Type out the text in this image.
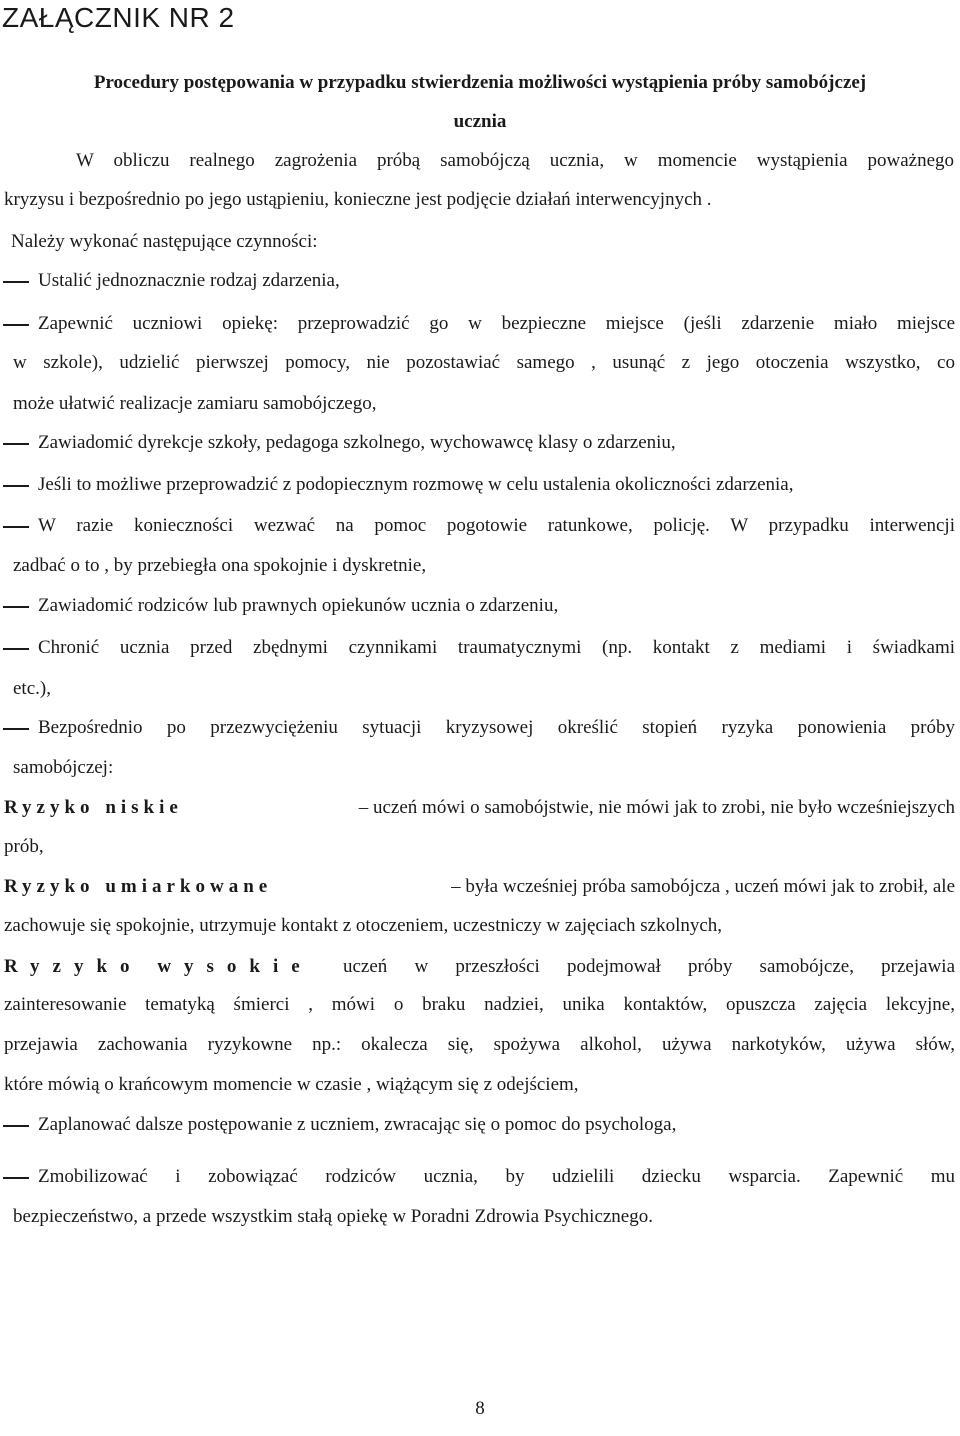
ZAŁĄCZNIK NR 2

Procedury postępowania w przypadku stwierdzenia możliwości wystąpienia próby samobójczej

ucznia

W obliczu realnego zagrożenia próbą samobójczą ucznia, w momencie wystąpienia poważnego

kryzysu i bezpośrednio po jego ustąpieniu, konieczne jest podjęcie działań interwencyjnych .

Należy wykonać następujące czynności:

Ustalić jednoznacznie rodzaj zdarzenia,

Zapewnić uczniowi opiekę: przeprowadzić go w bezpieczne miejsce (jeśli zdarzenie miało miejsce

w szkole), udzielić pierwszej pomocy, nie pozostawiać samego , usunąć z jego otoczenia wszystko, co

może ułatwić realizacje zamiaru samobójczego,

Zawiadomić dyrekcje szkoły, pedagoga szkolnego, wychowawcę klasy o zdarzeniu,

Jeśli to możliwe przeprowadzić z podopiecznym rozmowę w celu ustalenia okoliczności zdarzenia,

W razie konieczności wezwać na pomoc pogotowie ratunkowe, policję. W przypadku interwencji

zadbać o to , by przebiegła ona spokojnie i dyskretnie,

Zawiadomić rodziców lub prawnych opiekunów ucznia o zdarzeniu,

Chronić ucznia przed zbędnymi czynnikami traumatycznymi (np. kontakt z mediami i świadkami

etc.),

Bezpośrednio po przezwyciężeniu sytuacji kryzysowej określić stopień ryzyka ponowienia próby

samobójczej:

Ryzyko niskie	– uczeń mówi o samobójstwie, nie mówi jak to zrobi, nie było wcześniejszych

prób,

Ryzyko umiarkowane	– była wcześniej próba samobójcza , uczeń mówi jak to zrobił, ale

zachowuje się spokojnie, utrzymuje kontakt z otoczeniem, uczestniczy w zajęciach szkolnych,

Ryzyko wysokie uczeń w przeszłości podejmował próby samobójcze, przejawia

zainteresowanie tematyką śmierci , mówi o braku nadziei, unika kontaktów, opuszcza zajęcia lekcyjne,

przejawia zachowania ryzykowne np.: okalecza się, spożywa alkohol, używa narkotyków, używa słów,

które mówią o krańcowym momencie w czasie , wiążącym się z odejściem,

Zaplanować dalsze postępowanie z uczniem, zwracając się o pomoc do psychologa,

Zmobilizować i zobowiązać rodziców ucznia, by udzielili dziecku wsparcia. Zapewnić mu

bezpieczeństwo, a przede wszystkim stałą opiekę w Poradni Zdrowia Psychicznego.

8
